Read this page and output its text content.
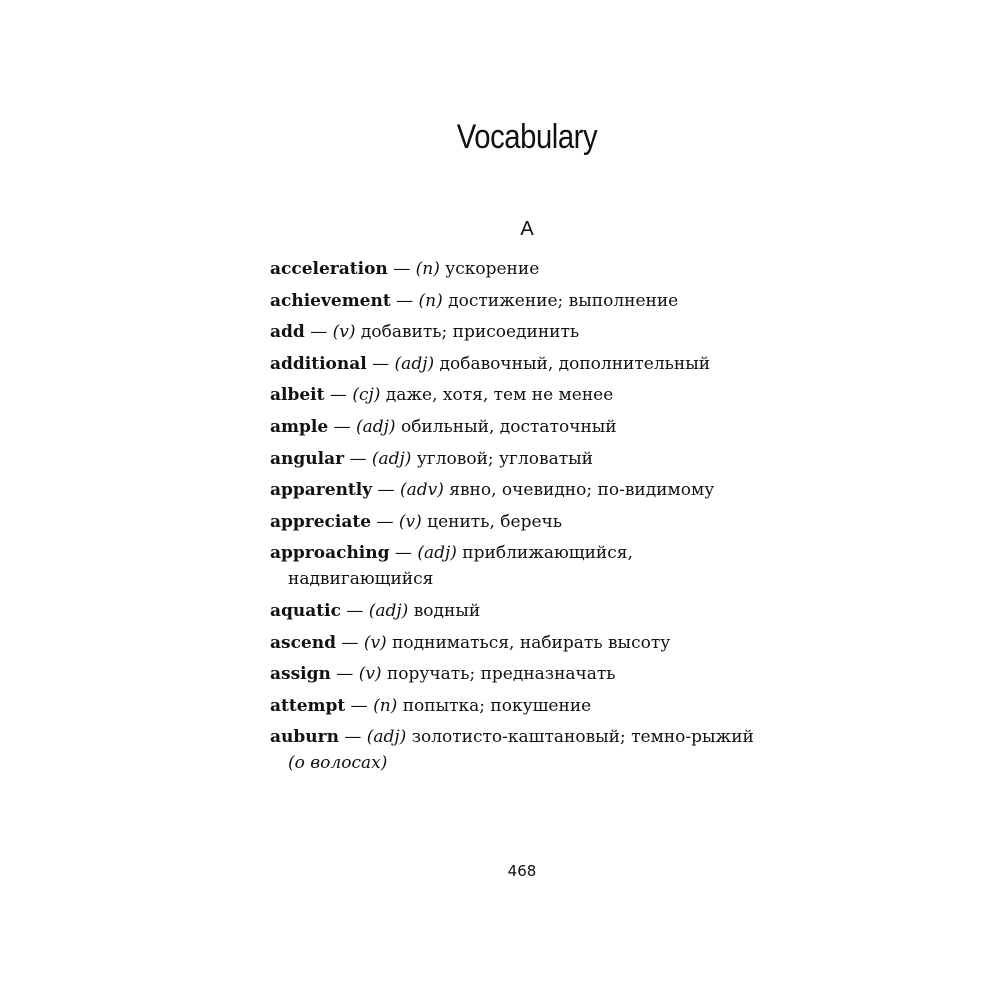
Vocabulary
A
acceleration — (n) ускорение
achievement — (n) достижение; выполнение
add — (v) добавить; присоединить
additional — (adj) добавочный, дополнительный
albeit — (cj) даже, хотя, тем не менее
ample — (adj) обильный, достаточный
angular — (adj) угловой; угловатый
apparently — (adv) явно, очевидно; по-видимому
appreciate — (v) ценить, беречь
approaching — (adj) приближающийся, надвигающийся
aquatic — (adj) водный
ascend — (v) подниматься, набирать высоту
assign — (v) поручать; предназначать
attempt — (n) попытка; покушение
auburn — (adj) золотисто-каштановый; темно-рыжий (о волосах)
468
